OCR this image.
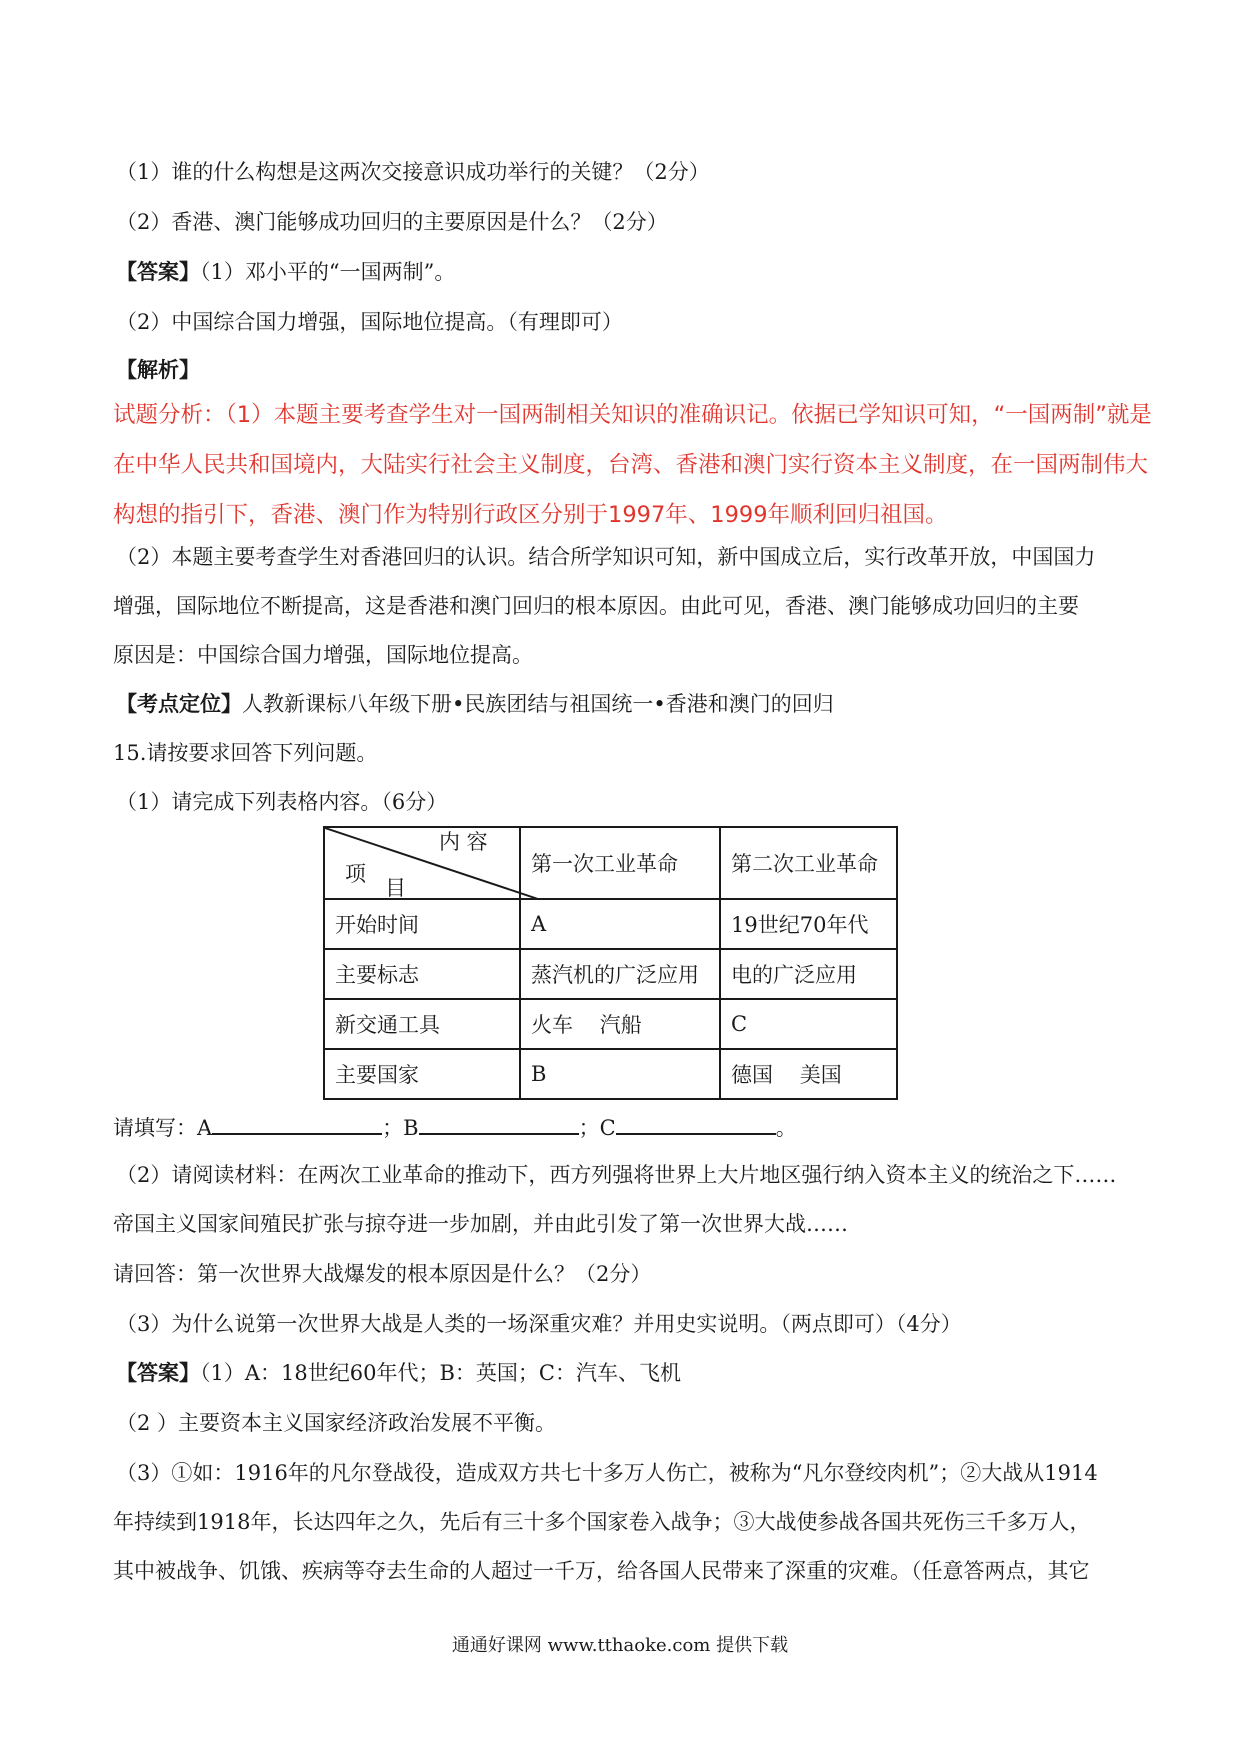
（1）谁的什么构想是这两次交接意识成功举行的关键？（2分）
（2）香港、澳门能够成功回归的主要原因是什么？（2分）
【答案】（1）邓小平的“一国两制”。
（2）中国综合国力增强，国际地位提高。（有理即可）
【解析】
试题分析：（1）本题主要考查学生对一国两制相关知识的准确识记。依据已学知识可知，“一国两制”就是
在中华人民共和国境内，大陆实行社会主义制度，台湾、香港和澳门实行资本主义制度，在一国两制伟大
构想的指引下，香港、澳门作为特别行政区分别于1997年、1999年顺利回归祖国。
（2）本题主要考查学生对香港回归的认识。结合所学知识可知，新中国成立后，实行改革开放，中国国力
增强，国际地位不断提高，这是香港和澳门回归的根本原因。由此可见，香港、澳门能够成功回归的主要
原因是：中国综合国力增强，国际地位提高。
【考点定位】人教新课标八年级下册•民族团结与祖国统一•香港和澳门的回归
15.请按要求回答下列问题。
（1）请完成下列表格内容。（6分）
内 容
项
目	第一次工业革命	第二次工业革命
开始时间	A	19世纪70年代
主要标志	蒸汽机的广泛应用	电的广泛应用
新交通工具	火车    汽船	C
主要国家	B	德国    美国
请填写：A	；B	；C	。
（2）请阅读材料：在两次工业革命的推动下，西方列强将世界上大片地区强行纳入资本主义的统治之下……
帝国主义国家间殖民扩张与掠夺进一步加剧，并由此引发了第一次世界大战……
请回答：第一次世界大战爆发的根本原因是什么？（2分）
（3）为什么说第一次世界大战是人类的一场深重灾难？并用史实说明。（两点即可）（4分）
【答案】（1）A：18世纪60年代；B：英国；C：汽车、飞机
（2 ）主要资本主义国家经济政治发展不平衡。
（3）①如：1916年的凡尔登战役，造成双方共七十多万人伤亡，被称为“凡尔登绞肉机”；②大战从1914
年持续到1918年，长达四年之久，先后有三十多个国家卷入战争；③大战使参战各国共死伤三千多万人，
其中被战争、饥饿、疾病等夺去生命的人超过一千万，给各国人民带来了深重的灾难。（任意答两点，其它
通通好课网 www.tthaoke.com 提供下载
